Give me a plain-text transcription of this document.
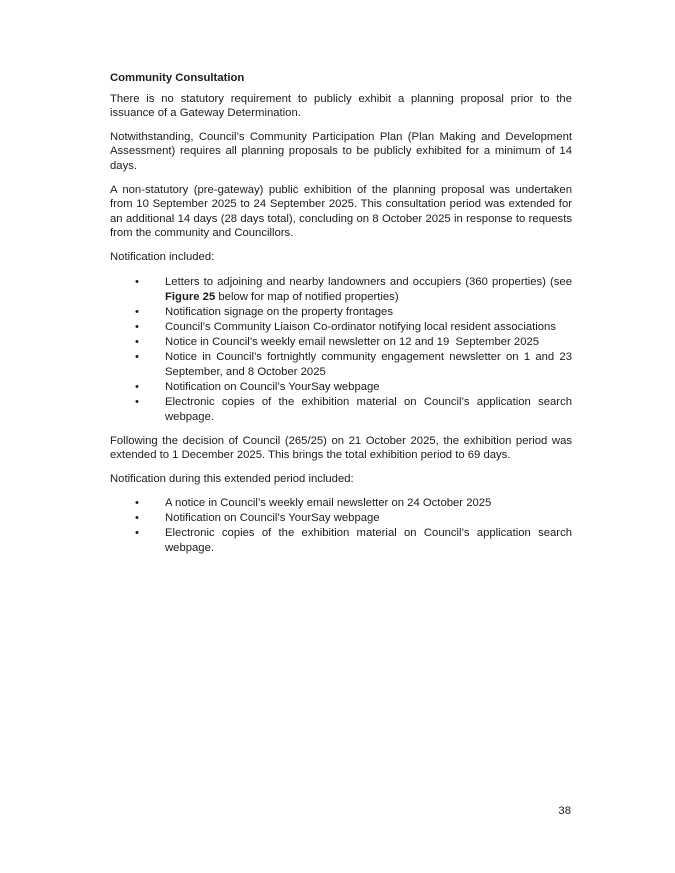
Community Consultation

There is no statutory requirement to publicly exhibit a planning proposal prior to the issuance of a Gateway Determination.

Notwithstanding, Council’s Community Participation Plan (Plan Making and Development Assessment) requires all planning proposals to be publicly exhibited for a minimum of 14 days.

A non-statutory (pre-gateway) public exhibition of the planning proposal was undertaken from 10 September 2025 to 24 September 2025. This consultation period was extended for an additional 14 days (28 days total), concluding on 8 October 2025 in response to requests from the community and Councillors.

Notification included:

• Letters to adjoining and nearby landowners and occupiers (360 properties) (see Figure 25 below for map of notified properties)
• Notification signage on the property frontages
• Council’s Community Liaison Co-ordinator notifying local resident associations
• Notice in Council’s weekly email newsletter on 12 and 19  September 2025
• Notice in Council’s fortnightly community engagement newsletter on 1 and 23 September, and 8 October 2025
• Notification on Council’s YourSay webpage
• Electronic copies of the exhibition material on Council’s application search webpage.

Following the decision of Council (265/25) on 21 October 2025, the exhibition period was extended to 1 December 2025. This brings the total exhibition period to 69 days.

Notification during this extended period included:

• A notice in Council’s weekly email newsletter on 24 October 2025
• Notification on Council’s YourSay webpage
• Electronic copies of the exhibition material on Council’s application search webpage.
38
